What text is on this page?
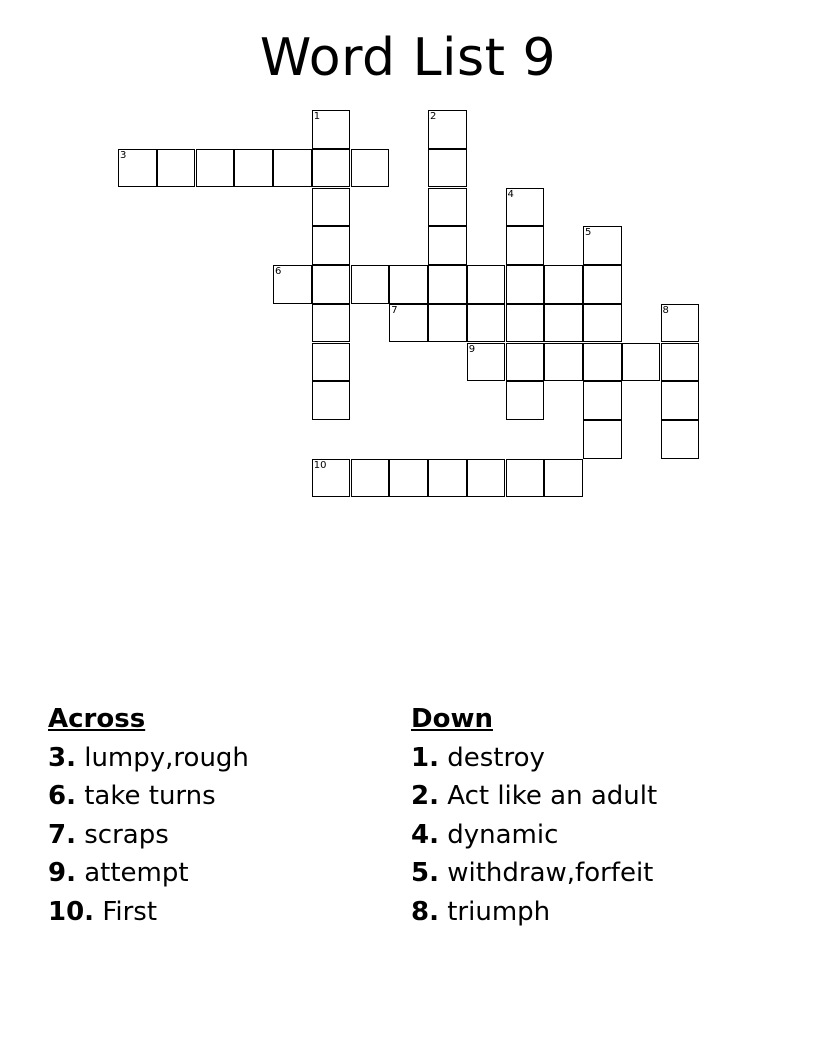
Word List 9
3
6
7
9
10
1	2
4
5
8
Across
3. lumpy,rough
6. take turns
7. scraps
9. attempt
10. First
Down
1. destroy
2. Act like an adult
4. dynamic
5. withdraw,forfeit
8. triumph
